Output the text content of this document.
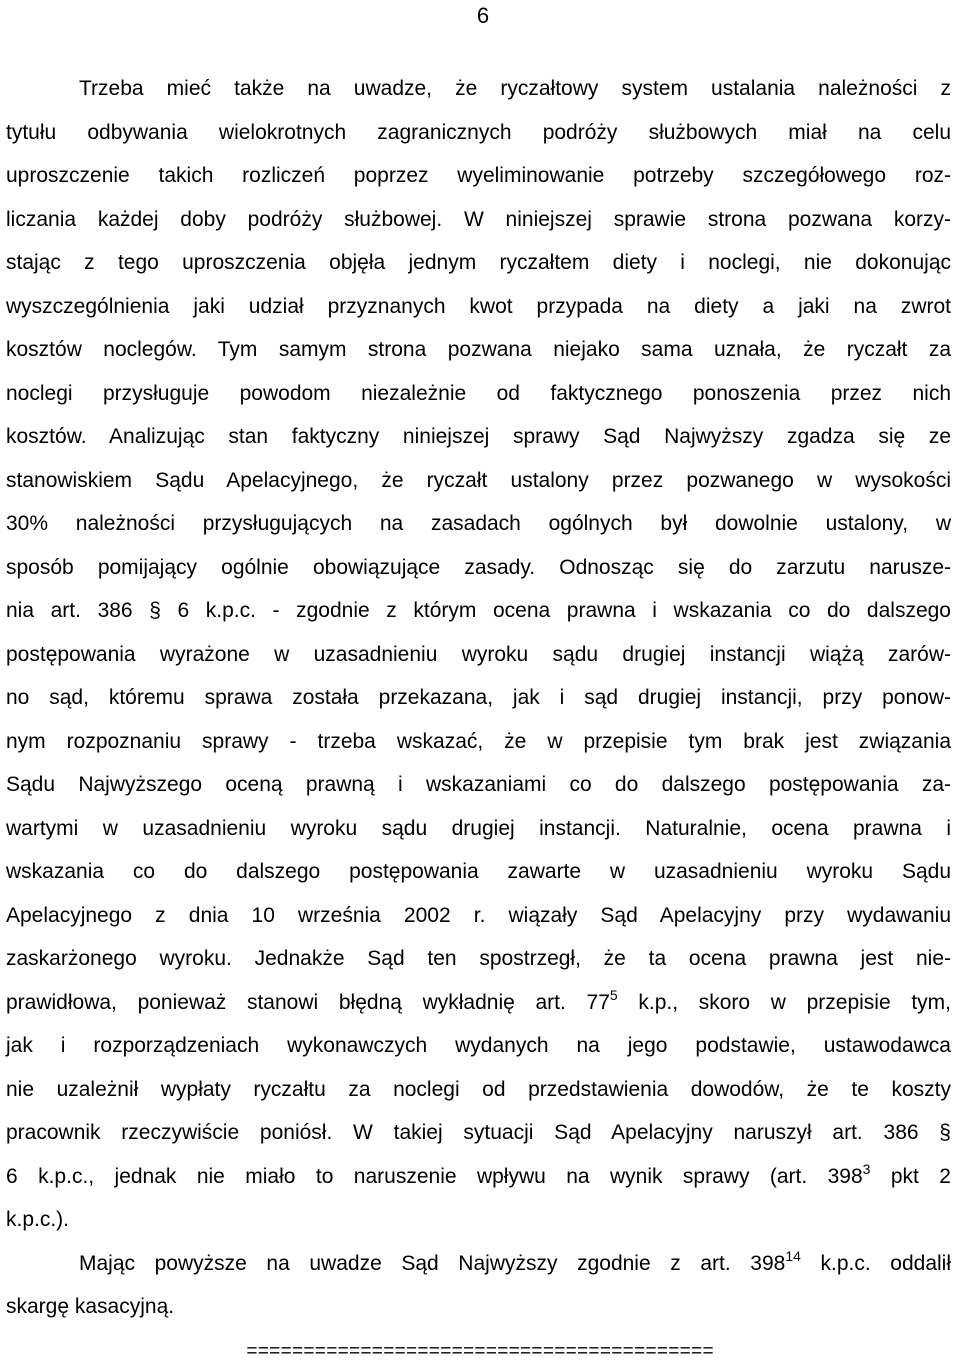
6
Trzeba mieć także na uwadze, że ryczałtowy system ustalania należności z
tytułu odbywania wielokrotnych zagranicznych podróży służbowych miał na celu
uproszczenie takich rozliczeń poprzez wyeliminowanie potrzeby szczegółowego roz-
liczania każdej doby podróży służbowej. W niniejszej sprawie strona pozwana korzy-
stając z tego uproszczenia objęła jednym ryczałtem diety i noclegi, nie dokonując
wyszczególnienia jaki udział przyznanych kwot przypada na diety a jaki na zwrot
kosztów noclegów. Tym samym strona pozwana niejako sama uznała, że ryczałt za
noclegi przysługuje powodom niezależnie od faktycznego ponoszenia przez nich
kosztów. Analizując stan faktyczny niniejszej sprawy Sąd Najwyższy zgadza się ze
stanowiskiem Sądu Apelacyjnego, że ryczałt ustalony przez pozwanego w wysokości
30% należności przysługujących na zasadach ogólnych był dowolnie ustalony, w
sposób pomijający ogólnie obowiązujące zasady. Odnosząc się do zarzutu narusze-
nia art. 386 § 6 k.p.c. - zgodnie z którym ocena prawna i wskazania co do dalszego
postępowania wyrażone w uzasadnieniu wyroku sądu drugiej instancji wiążą zarów-
no sąd, któremu sprawa została przekazana, jak i sąd drugiej instancji, przy ponow-
nym rozpoznaniu sprawy - trzeba wskazać, że w przepisie tym brak jest związania
Sądu Najwyższego oceną prawną i wskazaniami co do dalszego postępowania za-
wartymi w uzasadnieniu wyroku sądu drugiej instancji. Naturalnie, ocena prawna i
wskazania co do dalszego postępowania zawarte w uzasadnieniu wyroku Sądu
Apelacyjnego z dnia 10 września 2002 r. wiązały Sąd Apelacyjny przy wydawaniu
zaskarżonego wyroku. Jednakże Sąd ten spostrzegł, że ta ocena prawna jest nie-
prawidłowa, ponieważ stanowi błędną wykładnię art. $77^5$ k.p., skoro w przepisie tym,
jak i rozporządzeniach wykonawczych wydanych na jego podstawie, ustawodawca
nie uzależnił wypłaty ryczałtu za noclegi od przedstawienia dowodów, że te koszty
pracownik rzeczywiście poniósł. W takiej sytuacji Sąd Apelacyjny naruszył art. 386 §
6 k.p.c., jednak nie miało to naruszenie wpływu na wynik sprawy (art. $398^3$ pkt 2
k.p.c.).
Mając powyższe na uwadze Sąd Najwyższy zgodnie z art. $398^{14}$ k.p.c. oddalił
skargę kasacyjną.
=========================================
